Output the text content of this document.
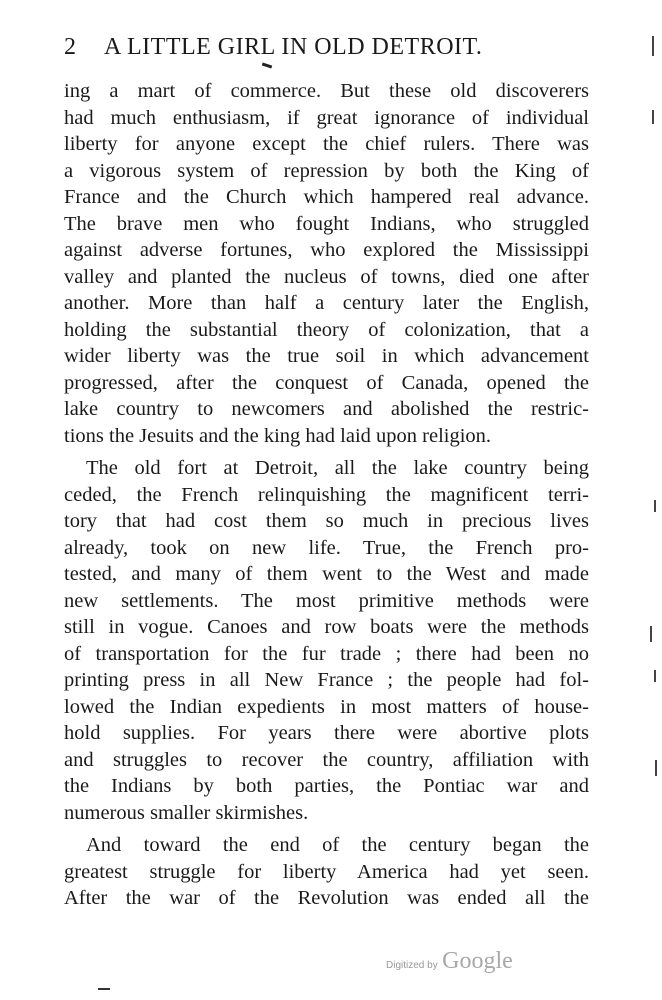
2 A LITTLE GIRL IN OLD DETROIT.
ing a mart of commerce. But these old discoverers
had much enthusiasm, if great ignorance of individual
liberty for anyone except the chief rulers. There was
a vigorous system of repression by both the King of
France and the Church which hampered real advance.
The brave men who fought Indians, who struggled
against adverse fortunes, who explored the Mississippi
valley and planted the nucleus of towns, died one after
another. More than half a century later the English,
holding the substantial theory of colonization, that a
wider liberty was the true soil in which advancement
progressed, after the conquest of Canada, opened the
lake country to newcomers and abolished the restric-
tions the Jesuits and the king had laid upon religion.
The old fort at Detroit, all the lake country being
ceded, the French relinquishing the magnificent terri-
tory that had cost them so much in precious lives
already, took on new life. True, the French pro-
tested, and many of them went to the West and made
new settlements. The most primitive methods were
still in vogue. Canoes and row boats were the methods
of transportation for the fur trade ; there had been no
printing press in all New France ; the people had fol-
lowed the Indian expedients in most matters of house-
hold supplies. For years there were abortive plots
and struggles to recover the country, affiliation with
the Indians by both parties, the Pontiac war and
numerous smaller skirmishes.
And toward the end of the century began the
greatest struggle for liberty America had yet seen.
After the war of the Revolution was ended all the
Digitized by Google
